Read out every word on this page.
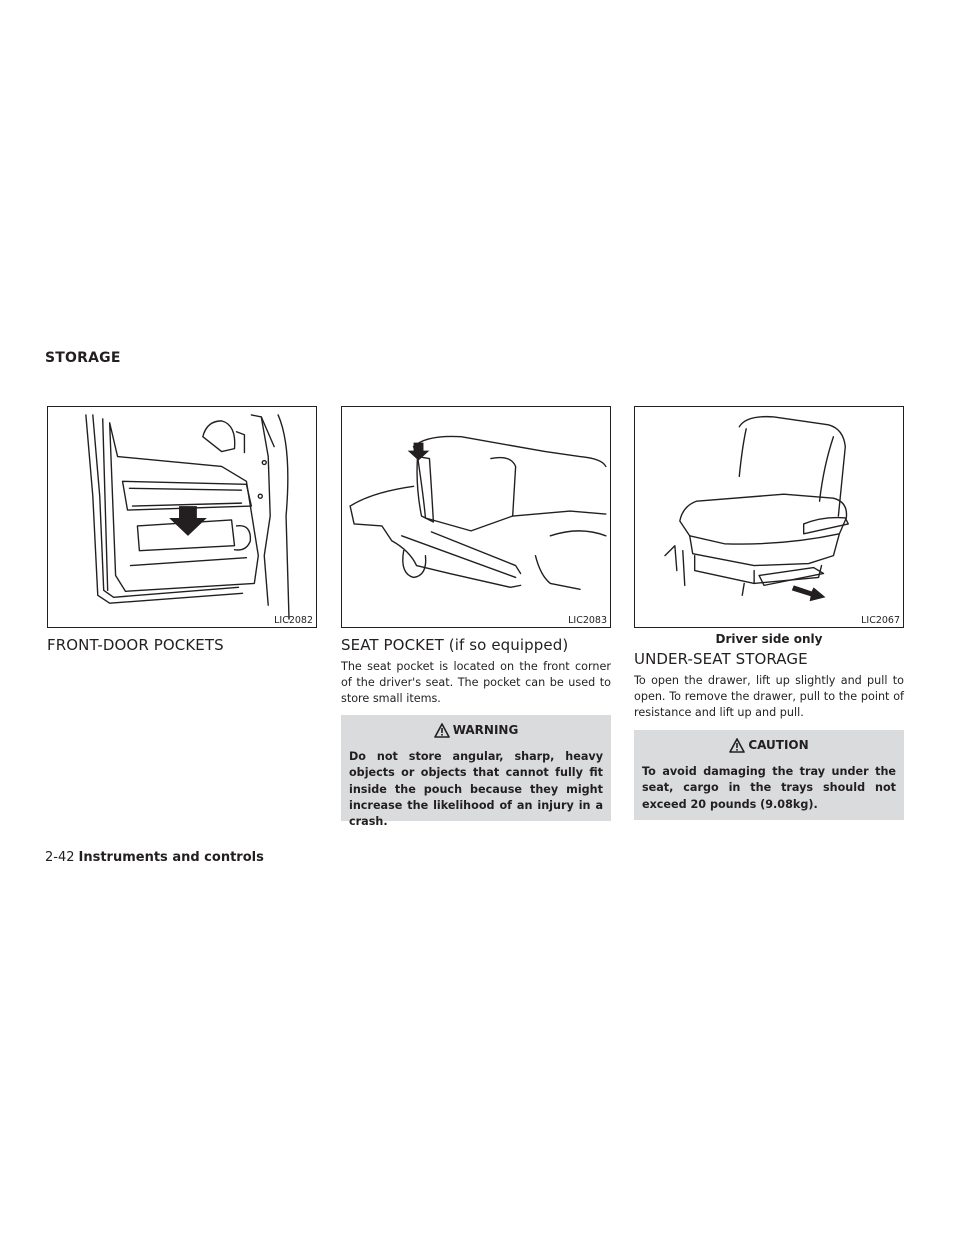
STORAGE
LIC2082	LIC2083	LIC2067
Driver side only
FRONT-DOOR POCKETS	SEAT POCKET (if so equipped)

The seat pocket is located on the front corner of the driver's seat. The pocket can be used to store small items.

WARNING

Do not store angular, sharp, heavy objects or objects that cannot fully fit inside the pouch because they might increase the likelihood of an injury in a crash.

UNDER-SEAT STORAGE

To open the drawer, lift up slightly and pull to open. To remove the drawer, pull to the point of resistance and lift up and pull.

CAUTION

To avoid damaging the tray under the seat, cargo in the trays should not exceed 20 pounds (9.08kg).

2-42 Instruments and controls
